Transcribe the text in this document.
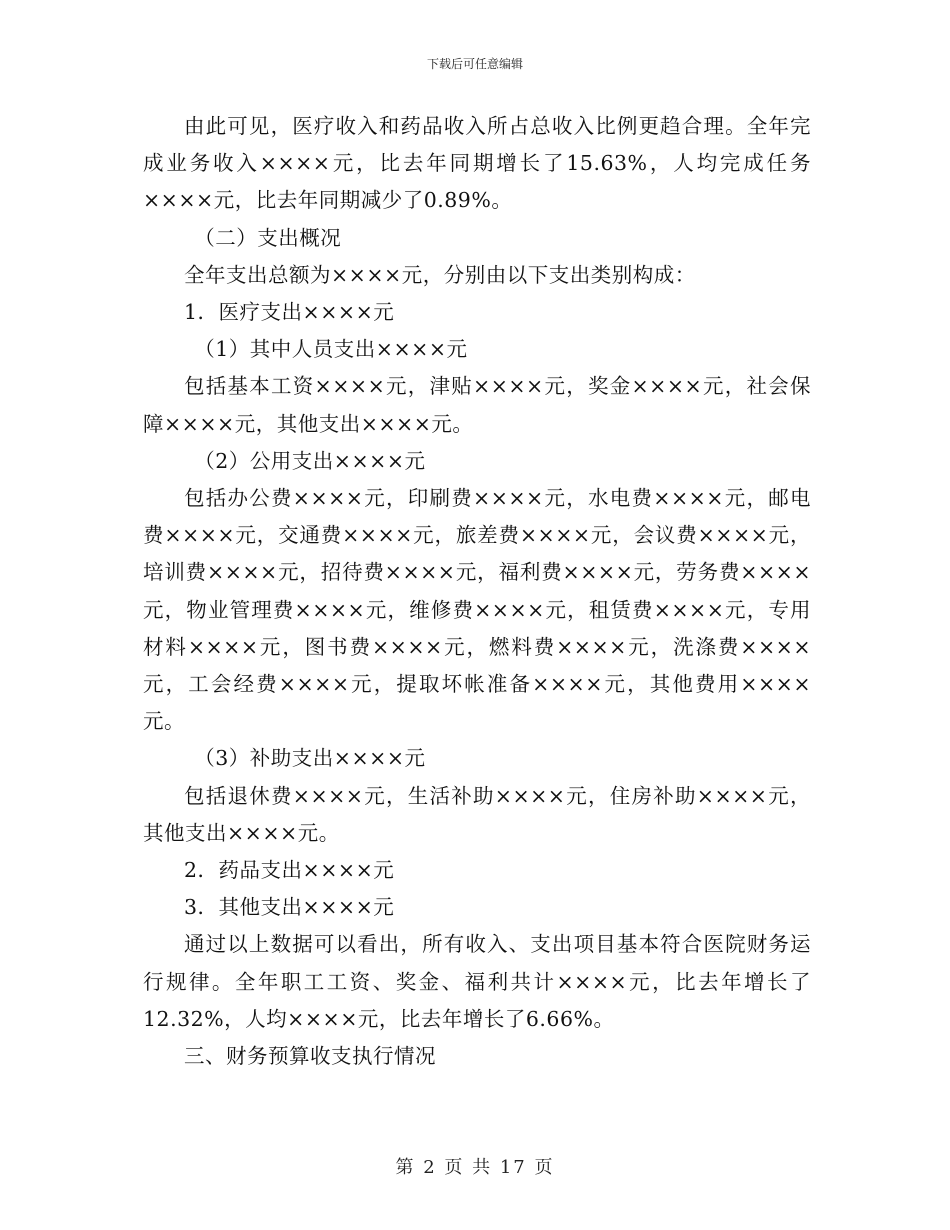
下载后可任意编辑

由此可见，医疗收入和药品收入所占总收入比例更趋合理。全年完成业务收入××××元，比去年同期增长了15.63%，人均完成任务××××元，比去年同期减少了0.89%。

（二）支出概况

全年支出总额为××××元，分别由以下支出类别构成：

1．医疗支出××××元

（1）其中人员支出××××元

包括基本工资××××元，津贴××××元，奖金××××元，社会保障××××元，其他支出××××元。

（2）公用支出××××元

包括办公费××××元，印刷费××××元，水电费××××元，邮电费××××元，交通费××××元，旅差费××××元，会议费××××元，培训费××××元，招待费××××元，福利费××××元，劳务费××××元，物业管理费××××元，维修费××××元，租赁费××××元，专用材料××××元，图书费××××元，燃料费××××元，洗涤费××××元，工会经费××××元，提取坏帐准备××××元，其他费用××××元。

（3）补助支出××××元

包括退休费××××元，生活补助××××元，住房补助××××元，其他支出××××元。

2．药品支出××××元

3．其他支出××××元

通过以上数据可以看出，所有收入、支出项目基本符合医院财务运行规律。全年职工工资、奖金、福利共计××××元，比去年增长了12.32%，人均××××元，比去年增长了6.66%。

三、财务预算收支执行情况

第 2 页 共 17 页
